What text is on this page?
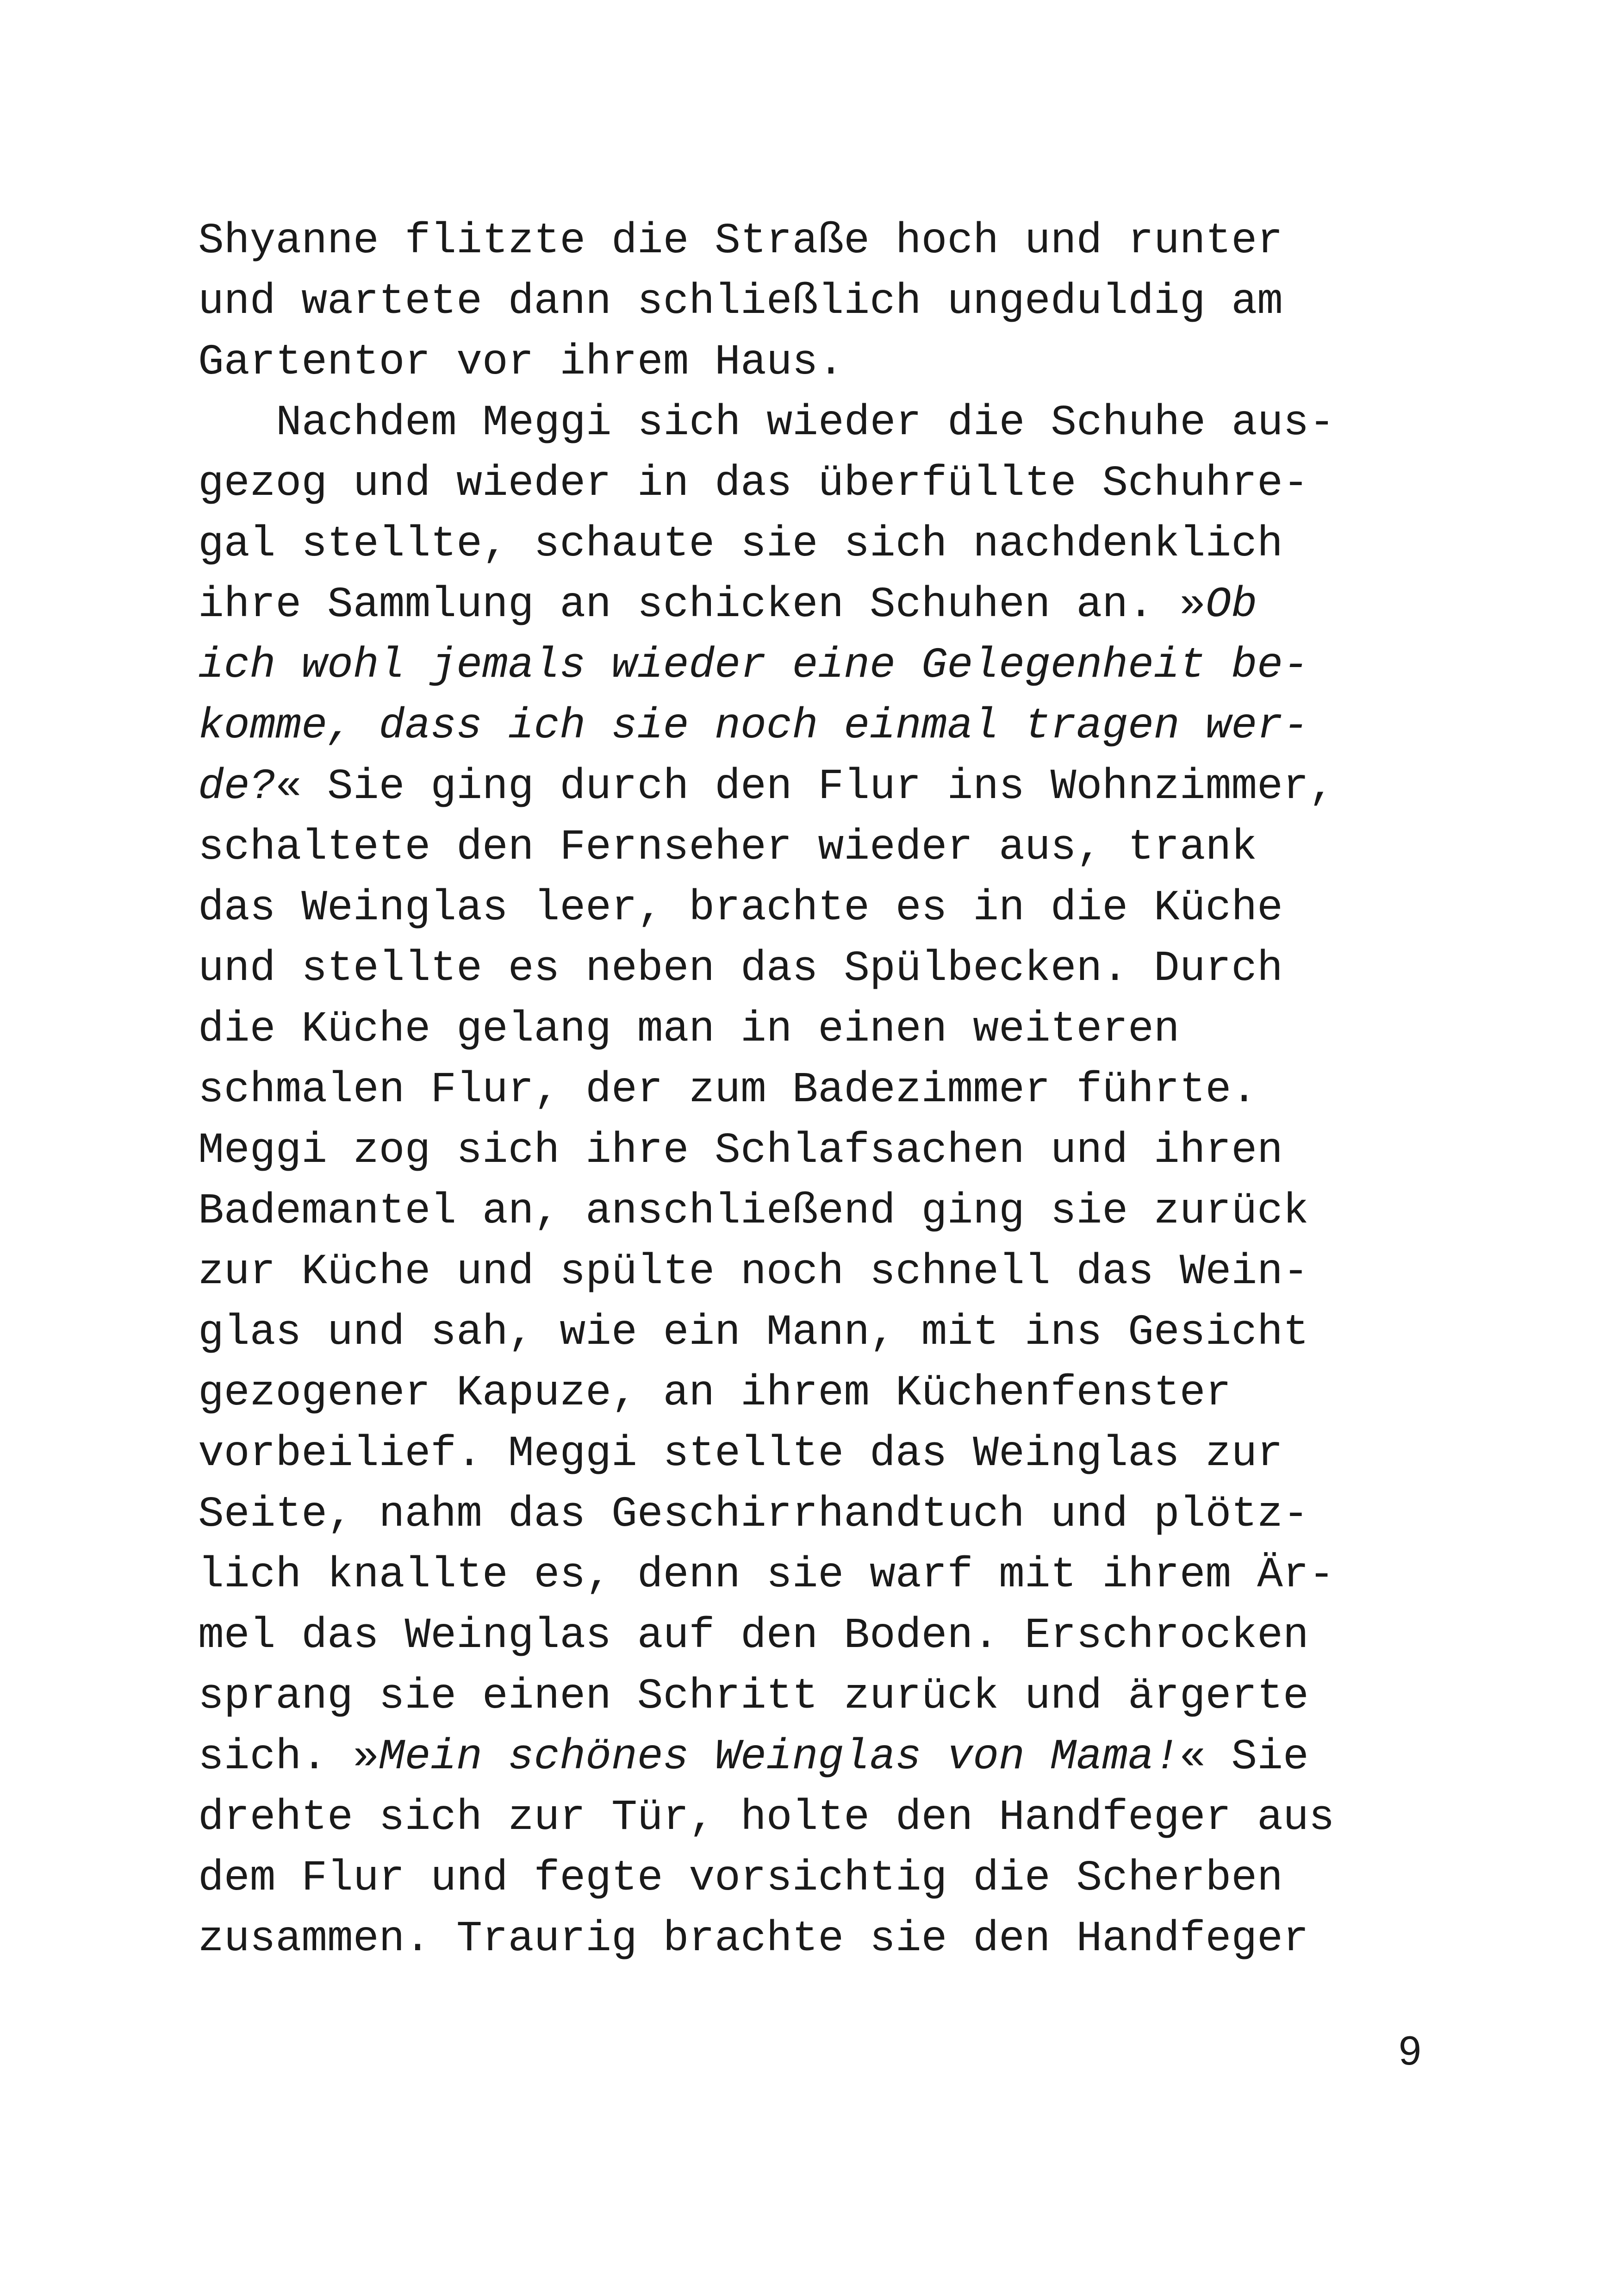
Shyanne flitzte die Straße hoch und runter
und wartete dann schließlich ungeduldig am
Gartentor vor ihrem Haus.
Nachdem Meggi sich wieder die Schuhe aus-
gezog und wieder in das überfüllte Schuhre-
gal stellte, schaute sie sich nachdenklich
ihre Sammlung an schicken Schuhen an. »Ob
ich wohl jemals wieder eine Gelegenheit be-
komme, dass ich sie noch einmal tragen wer-
de?« Sie ging durch den Flur ins Wohnzimmer,
schaltete den Fernseher wieder aus, trank
das Weinglas leer, brachte es in die Küche
und stellte es neben das Spülbecken. Durch
die Küche gelang man in einen weiteren
schmalen Flur, der zum Badezimmer führte.
Meggi zog sich ihre Schlafsachen und ihren
Bademantel an, anschließend ging sie zurück
zur Küche und spülte noch schnell das Wein-
glas und sah, wie ein Mann, mit ins Gesicht
gezogener Kapuze, an ihrem Küchenfenster
vorbeilief. Meggi stellte das Weinglas zur
Seite, nahm das Geschirrhandtuch und plötz-
lich knallte es, denn sie warf mit ihrem Är-
mel das Weinglas auf den Boden. Erschrocken
sprang sie einen Schritt zurück und ärgerte
sich. »Mein schönes Weinglas von Mama!« Sie
drehte sich zur Tür, holte den Handfeger aus
dem Flur und fegte vorsichtig die Scherben
zusammen. Traurig brachte sie den Handfeger
9
